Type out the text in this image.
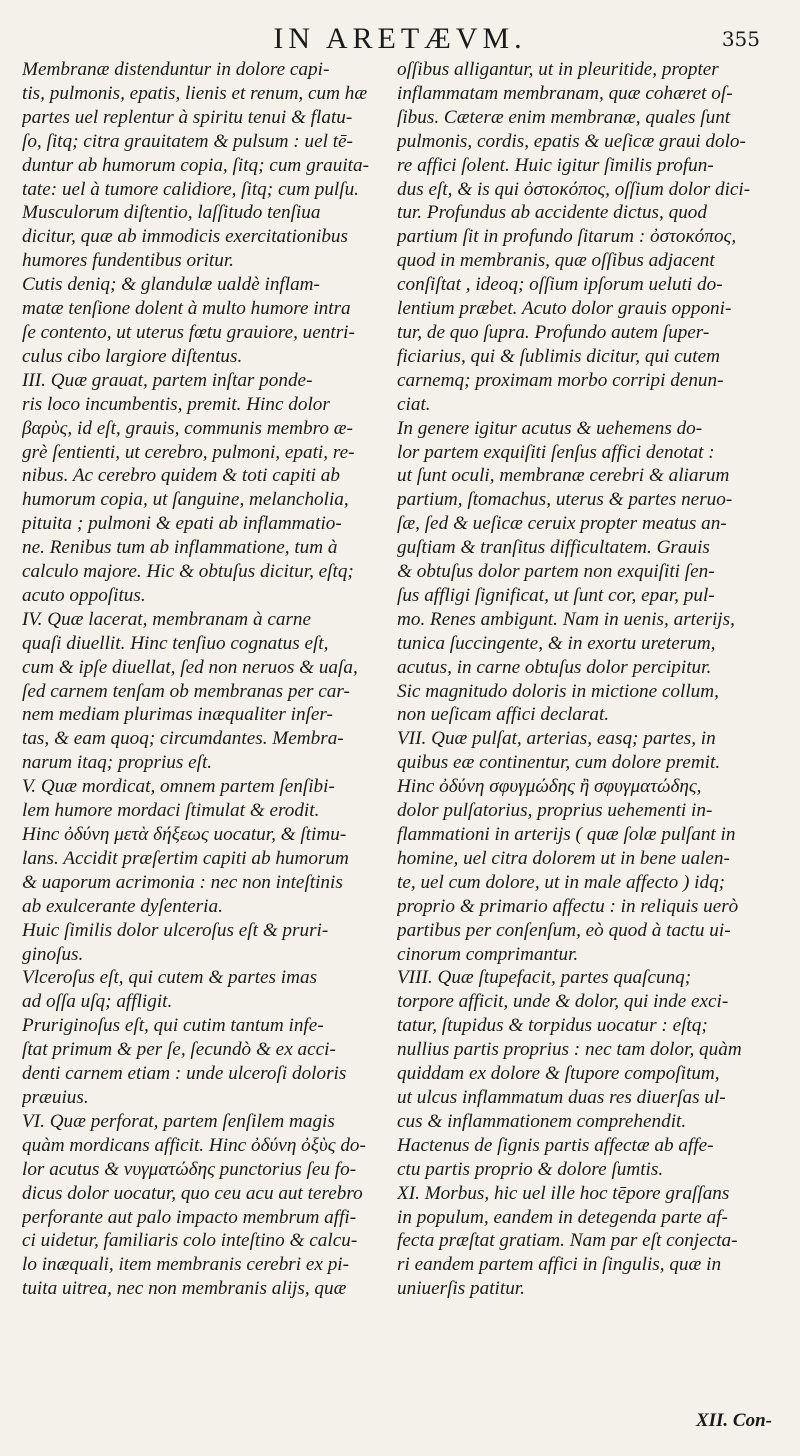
IN ARETÆVM.	355
Membranæ distenduntur in dolore capi-
tis, pulmonis, epatis, lienis et renum, cum hæ
partes uel replentur à spiritu tenui & flatu-
ſo, ſitq; citra grauitatem & pulsum : uel tē-
duntur ab humorum copia, ſitq; cum grauita-
tate: uel à tumore calidiore, ſitq; cum pulſu.
Musculorum diſtentio, laſſitudo tenſiua
dicitur, quæ ab immodicis exercitationibus
humores fundentibus oritur.
Cutis deniq; & glandulæ ualdè inflam-
matæ tenſione dolent à multo humore intra
ſe contento, ut uterus fœtu grauiore, uentri-
culus cibo largiore diſtentus.
III. Quæ grauat, partem inſtar ponde-
ris loco incumbentis, premit. Hinc dolor
βαρὺς, id eſt, grauis, communis membro æ-
grè ſentienti, ut cerebro, pulmoni, epati, re-
nibus. Ac cerebro quidem & toti capiti ab
humorum copia, ut ſanguine, melancholia,
pituita ; pulmoni & epati ab inflammatio-
ne. Renibus tum ab inflammatione, tum à
calculo majore. Hic & obtuſus dicitur, eſtq;
acuto oppoſitus.
IV. Quæ lacerat, membranam à carne
quaſi diuellit. Hinc tenſiuo cognatus eſt,
cum & ipſe diuellat, ſed non neruos & uaſa,
ſed carnem tenſam ob membranas per car-
nem mediam plurimas inæqualiter inſer-
tas, & eam quoq; circumdantes. Membra-
narum itaq; proprius eſt.
V. Quæ mordicat, omnem partem ſenſibi-
lem humore mordaci ſtimulat & erodit.
Hinc ὀδύνη μετὰ δήξεως uocatur, & ſtimu-
lans. Accidit præſertim capiti ab humorum
& uaporum acrimonia : nec non inteſtinis
ab exulcerante dyſenteria.
Huic ſimilis dolor ulceroſus eſt & pruri-
ginoſus.
Vlceroſus eſt, qui cutem & partes imas
ad oſſa uſq; affligit.
Pruriginoſus eſt, qui cutim tantum infe-
ſtat primum & per ſe, ſecundò & ex acci-
denti carnem etiam : unde ulceroſi doloris
præuius.
VI. Quæ perforat, partem ſenſilem magis
quàm mordicans afficit. Hinc ὀδύνη ὀξὺς do-
lor acutus & νυγματώδης punctorius ſeu fo-
dicus dolor uocatur, quo ceu acu aut terebro
perforante aut palo impacto membrum affi-
ci uidetur, familiaris colo inteſtino & calcu-
lo inæquali, item membranis cerebri ex pi-
tuita uitrea, nec non membranis alijs, quæ
oſſibus alligantur, ut in pleuritide, propter
inflammatam membranam, quæ cohæret oſ-
ſibus. Cæteræ enim membranæ, quales ſunt
pulmonis, cordis, epatis & ueſicæ graui dolo-
re affici ſolent. Huic igitur ſimilis profun-
dus eſt, & is qui ὀστοκόπος, oſſium dolor dici-
tur. Profundus ab accidente dictus, quod
partium ſit in profundo ſitarum : ὀστοκόπος,
quod in membranis, quæ oſſibus adjacent
conſiſtat , ideoq; oſſium ipſorum ueluti do-
lentium præbet. Acuto dolor grauis opponi-
tur, de quo ſupra. Profundo autem ſuper-
ficiarius, qui & ſublimis dicitur, qui cutem
carnemq; proximam morbo corripi denun-
ciat.
In genere igitur acutus & uehemens do-
lor partem exquiſiti ſenſus affici denotat :
ut ſunt oculi, membranæ cerebri & aliarum
partium, ſtomachus, uterus & partes neruo-
ſæ, ſed & ueſicæ ceruix propter meatus an-
guſtiam & tranſitus difficultatem. Grauis
& obtuſus dolor partem non exquiſiti ſen-
ſus affligi ſignificat, ut ſunt cor, epar, pul-
mo. Renes ambigunt. Nam in uenis, arterijs,
tunica ſuccingente, & in exortu ureterum,
acutus, in carne obtuſus dolor percipitur.
Sic magnitudo doloris in mictione collum,
non ueſicam affici declarat.
VII. Quæ pulſat, arterias, easq; partes, in
quibus eæ continentur, cum dolore premit.
Hinc ὀδύνη σφυγμώδης ἢ σφυγματώδης,
dolor pulſatorius, proprius uehementi in-
flammationi in arterijs ( quæ ſolæ pulſant in
homine, uel citra dolorem ut in bene ualen-
te, uel cum dolore, ut in male affecto ) idq;
proprio & primario affectu : in reliquis uerò
partibus per conſenſum, eò quod à tactu ui-
cinorum comprimantur.
VIII. Quæ ſtupefacit, partes quaſcunq;
torpore afficit, unde & dolor, qui inde exci-
tatur, ſtupidus & torpidus uocatur : eſtq;
nullius partis proprius : nec tam dolor, quàm
quiddam ex dolore & ſtupore compoſitum,
ut ulcus inflammatum duas res diuerſas ul-
cus & inflammationem comprehendit.
Hactenus de ſignis partis affectæ ab affe-
ctu partis proprio & dolore ſumtis.
XI. Morbus, hic uel ille hoc tēpore graſſans
in populum, eandem in detegenda parte af-
fecta præſtat gratiam. Nam par eſt conjecta-
ri eandem partem affici in ſingulis, quæ in
uniuerſis patitur.
XII. Con-
